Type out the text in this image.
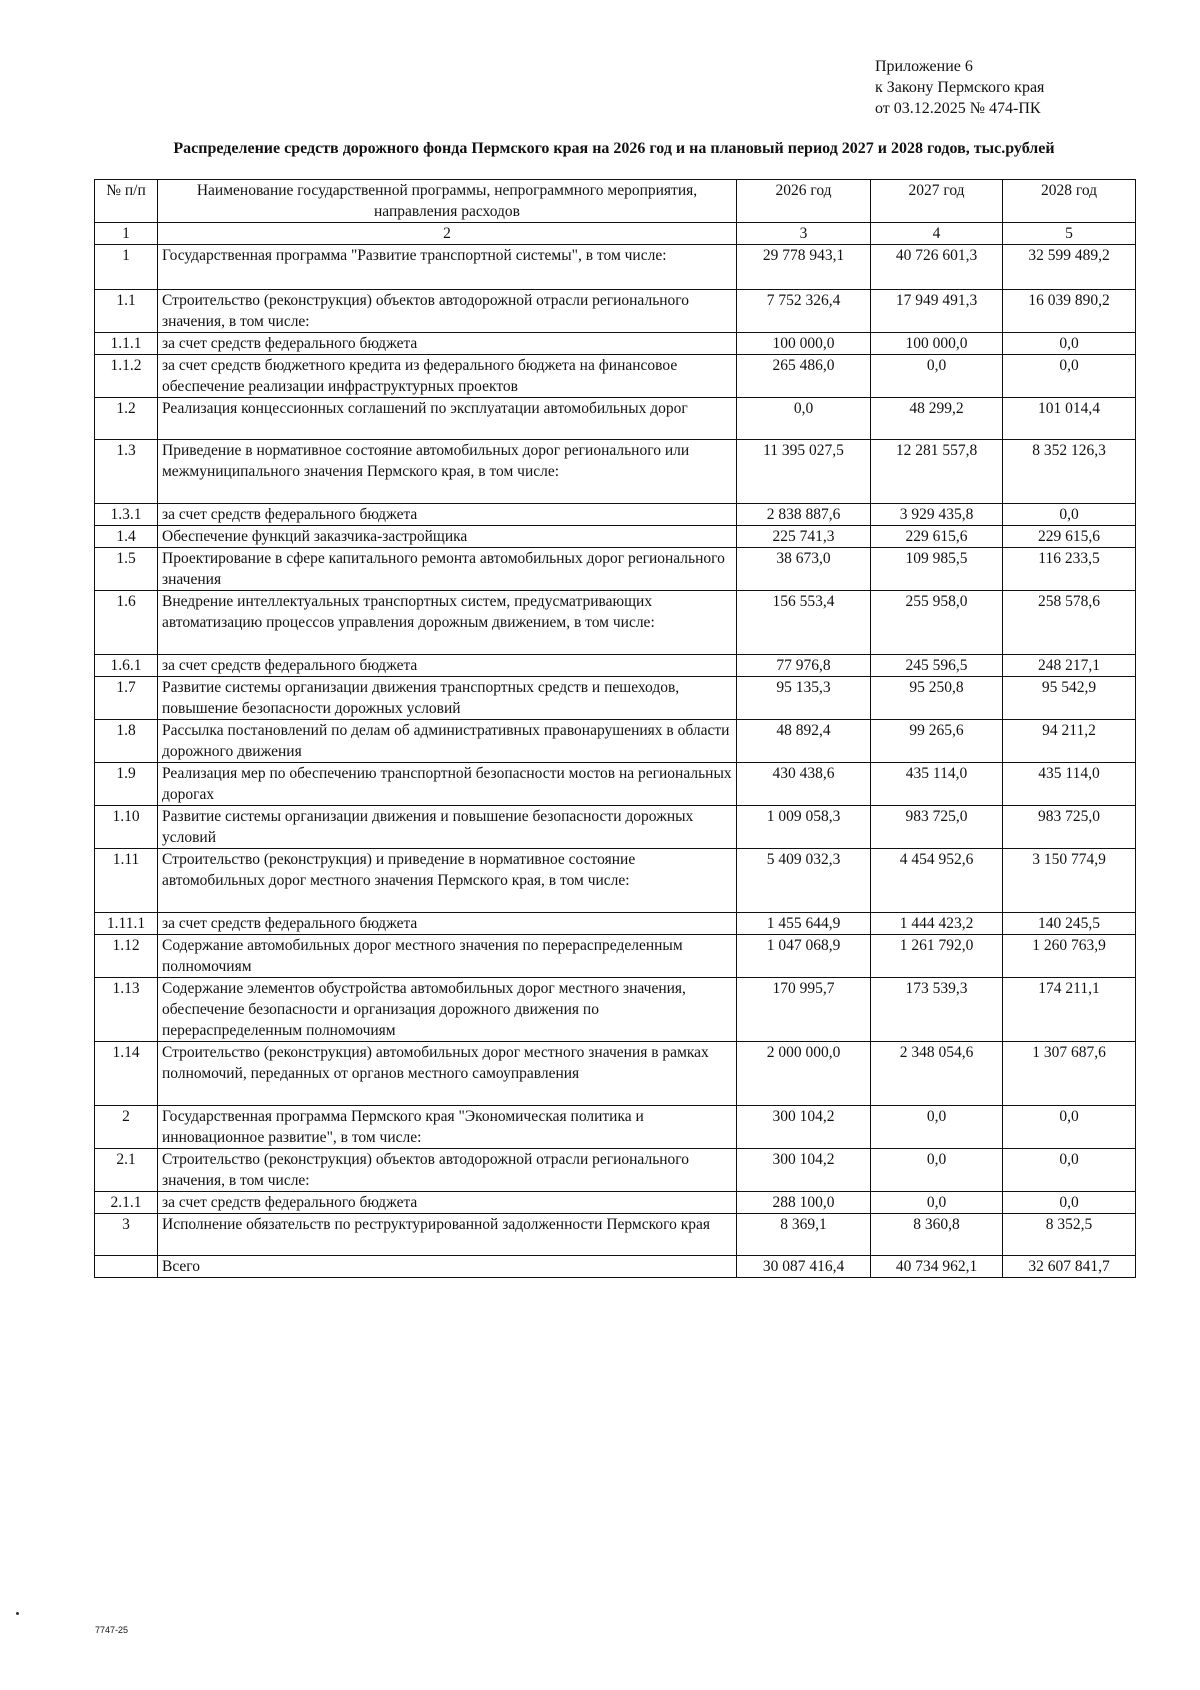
Приложение 6
к Закону Пермского края
от 03.12.2025 № 474-ПК
Распределение средств дорожного фонда Пермского края на 2026 год и на плановый период 2027 и 2028 годов, тыс.рублей
№ п/п	Наименование государственной программы, непрограммного мероприятия, направления расходов	2026 год	2027 год	2028 год
1	2	3	4	5
1	Государственная программа "Развитие транспортной системы", в том числе:	29 778 943,1	40 726 601,3	32 599 489,2
1.1	Строительство (реконструкция) объектов автодорожной отрасли регионального значения, в том числе:	7 752 326,4	17 949 491,3	16 039 890,2
1.1.1	за счет средств федерального бюджета	100 000,0	100 000,0	0,0
1.1.2	за счет средств бюджетного кредита из федерального бюджета на финансовое обеспечение реализации инфраструктурных проектов	265 486,0	0,0	0,0
1.2	Реализация концессионных соглашений по эксплуатации автомобильных дорог	0,0	48 299,2	101 014,4
1.3	Приведение в нормативное состояние автомобильных дорог регионального или межмуниципального значения Пермского края, в том числе:	11 395 027,5	12 281 557,8	8 352 126,3
1.3.1	за счет средств федерального бюджета	2 838 887,6	3 929 435,8	0,0
1.4	Обеспечение функций заказчика-застройщика	225 741,3	229 615,6	229 615,6
1.5	Проектирование в сфере капитального ремонта автомобильных дорог регионального значения	38 673,0	109 985,5	116 233,5
1.6	Внедрение интеллектуальных транспортных систем, предусматривающих автоматизацию процессов управления дорожным движением, в том числе:	156 553,4	255 958,0	258 578,6
1.6.1	за счет средств федерального бюджета	77 976,8	245 596,5	248 217,1
1.7	Развитие системы организации движения транспортных средств и пешеходов, повышение безопасности дорожных условий	95 135,3	95 250,8	95 542,9
1.8	Рассылка постановлений по делам об административных правонарушениях в области дорожного движения	48 892,4	99 265,6	94 211,2
1.9	Реализация мер по обеспечению транспортной безопасности мостов на региональных дорогах	430 438,6	435 114,0	435 114,0
1.10	Развитие системы организации движения и повышение безопасности дорожных условий	1 009 058,3	983 725,0	983 725,0
1.11	Строительство (реконструкция) и приведение в нормативное состояние автомобильных дорог местного значения Пермского края, в том числе:	5 409 032,3	4 454 952,6	3 150 774,9
1.11.1	за счет средств федерального бюджета	1 455 644,9	1 444 423,2	140 245,5
1.12	Содержание автомобильных дорог местного значения по перераспределенным полномочиям	1 047 068,9	1 261 792,0	1 260 763,9
1.13	Содержание элементов обустройства автомобильных дорог местного значения, обеспечение безопасности и организация дорожного движения по перераспределенным полномочиям	170 995,7	173 539,3	174 211,1
1.14	Строительство (реконструкция) автомобильных дорог местного значения в рамках полномочий, переданных от органов местного самоуправления	2 000 000,0	2 348 054,6	1 307 687,6
2	Государственная программа Пермского края "Экономическая политика и инновационное развитие", в том числе:	300 104,2	0,0	0,0
2.1	Строительство (реконструкция) объектов автодорожной отрасли регионального значения, в том числе:	300 104,2	0,0	0,0
2.1.1	за счет средств федерального бюджета	288 100,0	0,0	0,0
3	Исполнение обязательств по реструктурированной задолженности Пермского края	8 369,1	8 360,8	8 352,5
	Всего	30 087 416,4	40 734 962,1	32 607 841,7
7747-25
